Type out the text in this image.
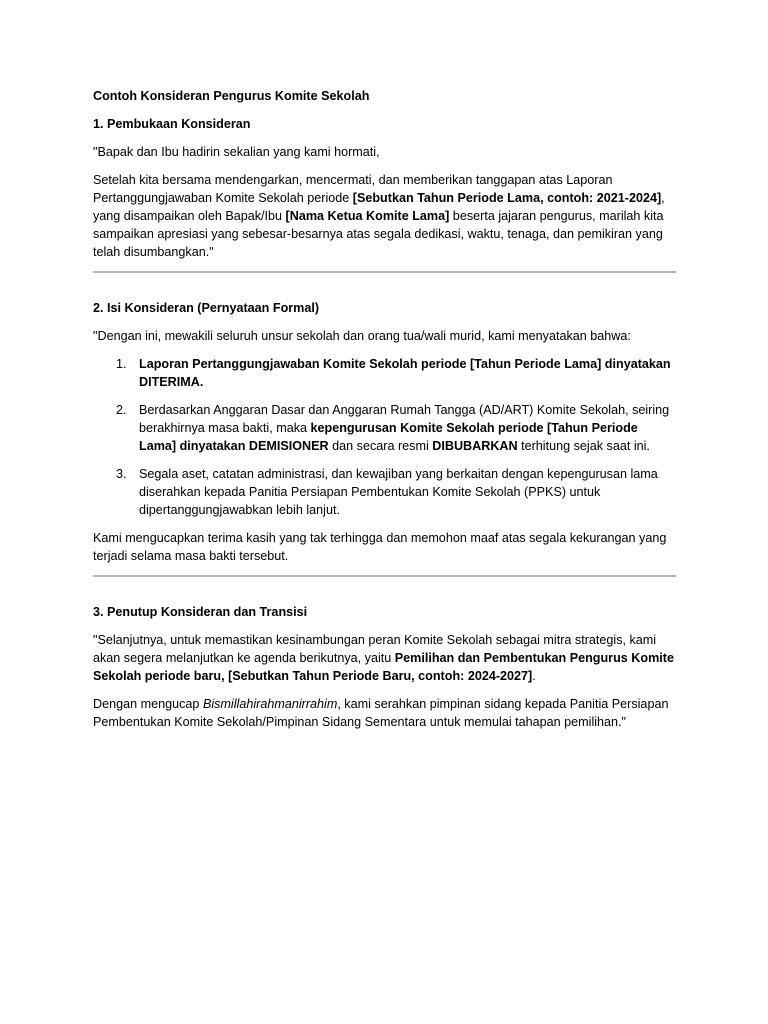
Contoh Konsideran Pengurus Komite Sekolah

1. Pembukaan Konsideran

"Bapak dan Ibu hadirin sekalian yang kami hormati,

Setelah kita bersama mendengarkan, mencermati, dan memberikan tanggapan atas Laporan Pertanggungjawaban Komite Sekolah periode [Sebutkan Tahun Periode Lama, contoh: 2021-2024], yang disampaikan oleh Bapak/Ibu [Nama Ketua Komite Lama] beserta jajaran pengurus, marilah kita sampaikan apresiasi yang sebesar-besarnya atas segala dedikasi, waktu, tenaga, dan pemikiran yang telah disumbangkan."

2. Isi Konsideran (Pernyataan Formal)

"Dengan ini, mewakili seluruh unsur sekolah dan orang tua/wali murid, kami menyatakan bahwa:

1. Laporan Pertanggungjawaban Komite Sekolah periode [Tahun Periode Lama] dinyatakan DITERIMA.
2. Berdasarkan Anggaran Dasar dan Anggaran Rumah Tangga (AD/ART) Komite Sekolah, seiring berakhirnya masa bakti, maka kepengurusan Komite Sekolah periode [Tahun Periode Lama] dinyatakan DEMISIONER dan secara resmi DIBUBARKAN terhitung sejak saat ini.
3. Segala aset, catatan administrasi, dan kewajiban yang berkaitan dengan kepengurusan lama diserahkan kepada Panitia Persiapan Pembentukan Komite Sekolah (PPKS) untuk dipertanggungjawabkan lebih lanjut.

Kami mengucapkan terima kasih yang tak terhingga dan memohon maaf atas segala kekurangan yang terjadi selama masa bakti tersebut.

3. Penutup Konsideran dan Transisi

"Selanjutnya, untuk memastikan kesinambungan peran Komite Sekolah sebagai mitra strategis, kami akan segera melanjutkan ke agenda berikutnya, yaitu Pemilihan dan Pembentukan Pengurus Komite Sekolah periode baru, [Sebutkan Tahun Periode Baru, contoh: 2024-2027].

Dengan mengucap Bismillahirahmanirrahim, kami serahkan pimpinan sidang kepada Panitia Persiapan Pembentukan Komite Sekolah/Pimpinan Sidang Sementara untuk memulai tahapan pemilihan."
